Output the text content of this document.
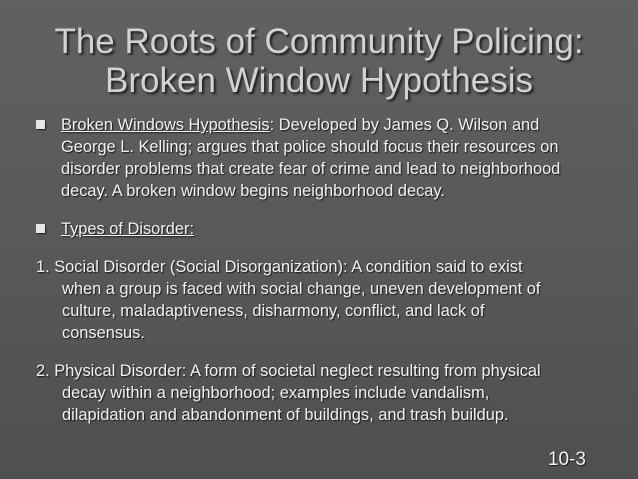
The Roots of Community Policing:
Broken Window Hypothesis
Broken Windows Hypothesis: Developed by James Q. Wilson and George L. Kelling; argues that police should focus their resources on disorder problems that create fear of crime and lead to neighborhood decay. A broken window begins neighborhood decay.
Types of Disorder:
1. Social Disorder (Social Disorganization): A condition said to exist when a group is faced with social change, uneven development of culture, maladaptiveness, disharmony, conflict, and lack of consensus.
2. Physical Disorder: A form of societal neglect resulting from physical decay within a neighborhood; examples include vandalism, dilapidation and abandonment of buildings, and trash buildup.
10-3
